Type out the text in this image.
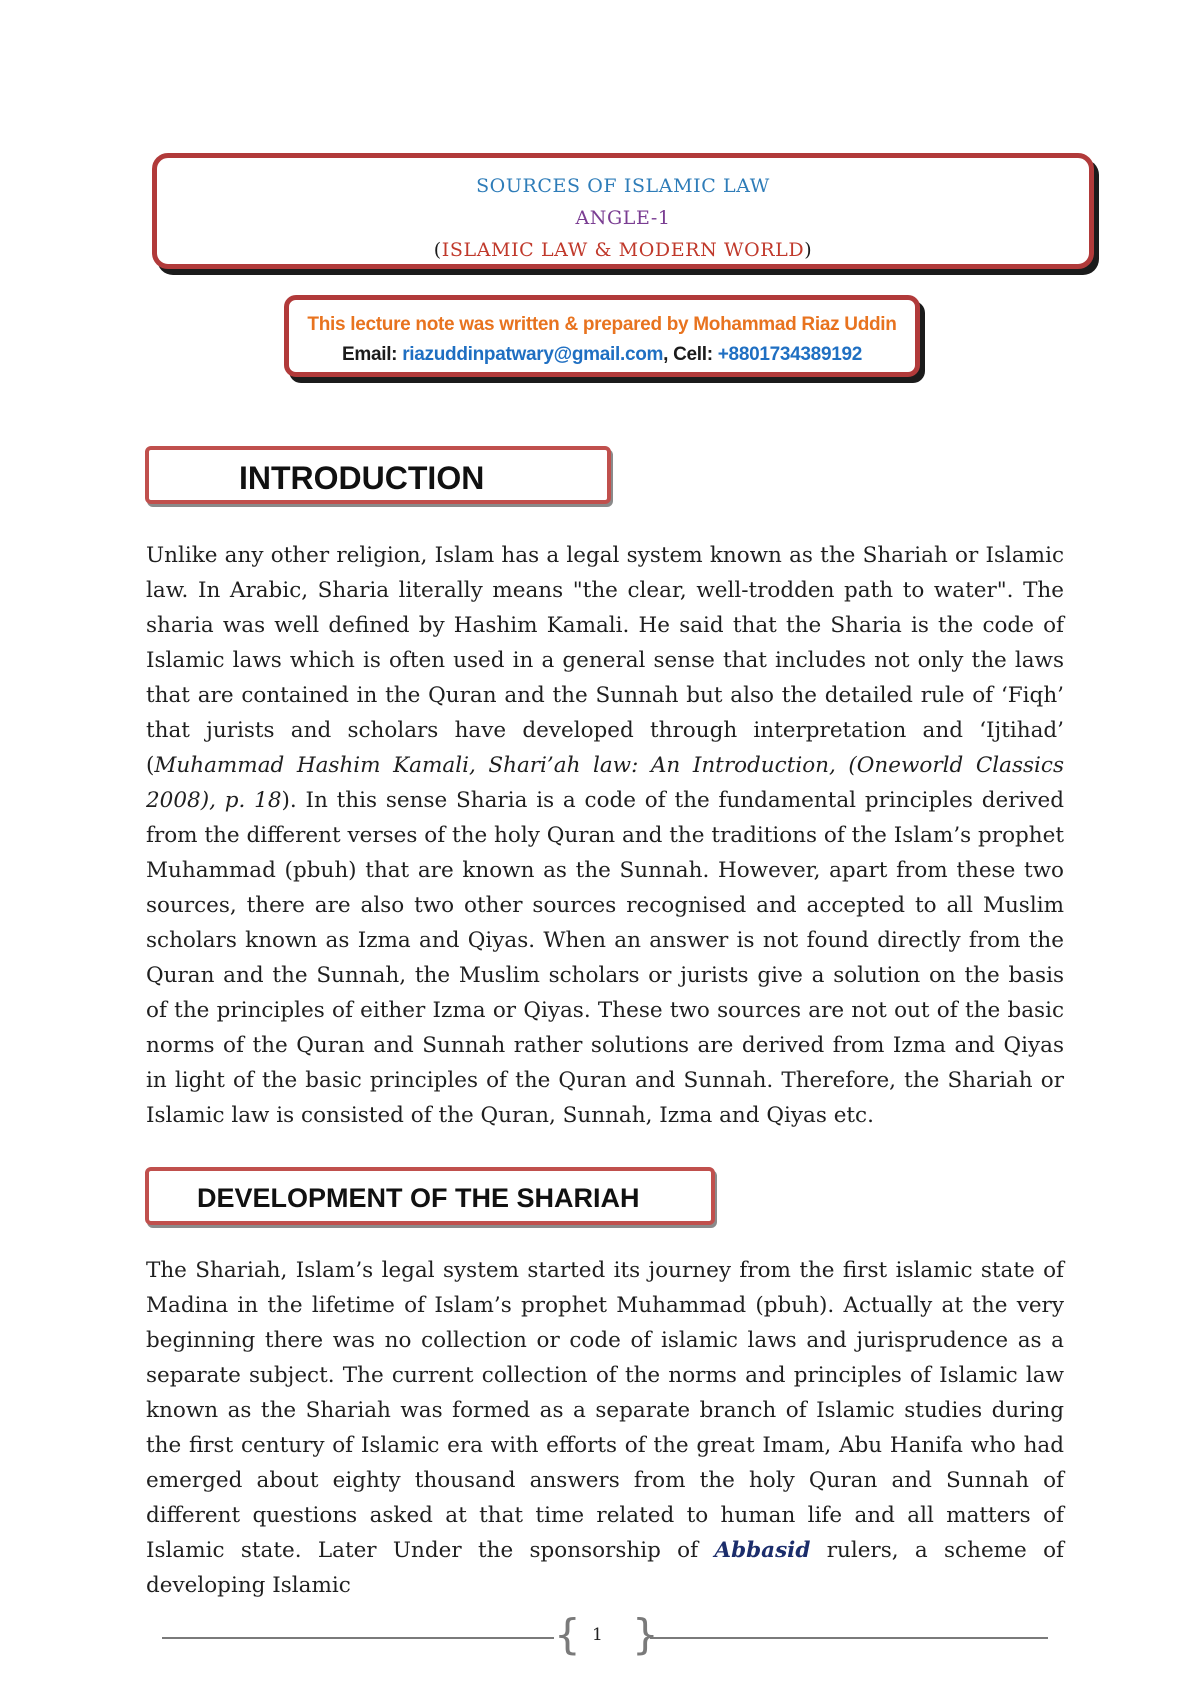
SOURCES OF ISLAMIC LAW
ANGLE-1
(ISLAMIC LAW & MODERN WORLD)
This lecture note was written & prepared by Mohammad Riaz Uddin
Email: riazuddinpatwary@gmail.com, Cell: +8801734389192
INTRODUCTION
Unlike any other religion, Islam has a legal system known as the Shariah or Islamic law. In Arabic, Sharia literally means "the clear, well-trodden path to water". The sharia was well defined by Hashim Kamali. He said that the Sharia is the code of Islamic laws which is often used in a general sense that includes not only the laws that are contained in the Quran and the Sunnah but also the detailed rule of ‘Fiqh’ that jurists and scholars have developed through interpretation and ‘Ijtihad’ (Muhammad Hashim Kamali, Shari’ah law: An Introduction, (Oneworld Classics 2008), p. 18). In this sense Sharia is a code of the fundamental principles derived from the different verses of the holy Quran and the traditions of the Islam’s prophet Muhammad (pbuh) that are known as the Sunnah. However, apart from these two sources, there are also two other sources recognised and accepted to all Muslim scholars known as Izma and Qiyas. When an answer is not found directly from the Quran and the Sunnah, the Muslim scholars or jurists give a solution on the basis of the principles of either Izma or Qiyas. These two sources are not out of the basic norms of the Quran and Sunnah rather solutions are derived from Izma and Qiyas in light of the basic principles of the Quran and Sunnah. Therefore, the Shariah or Islamic law is consisted of the Quran, Sunnah, Izma and Qiyas etc.
DEVELOPMENT OF THE SHARIAH
The Shariah, Islam’s legal system started its journey from the first islamic state of Madina in the lifetime of Islam’s prophet Muhammad (pbuh). Actually at the very beginning there was no collection or code of islamic laws and jurisprudence as a separate subject. The current collection of the norms and principles of Islamic law known as the Shariah was formed as a separate branch of Islamic studies during the first century of Islamic era with efforts of the great Imam, Abu Hanifa who had emerged about eighty thousand answers from the holy Quran and Sunnah of different questions asked at that time related to human life and all matters of Islamic state. Later Under the sponsorship of Abbasid rulers, a scheme of developing Islamic
{ }
1
